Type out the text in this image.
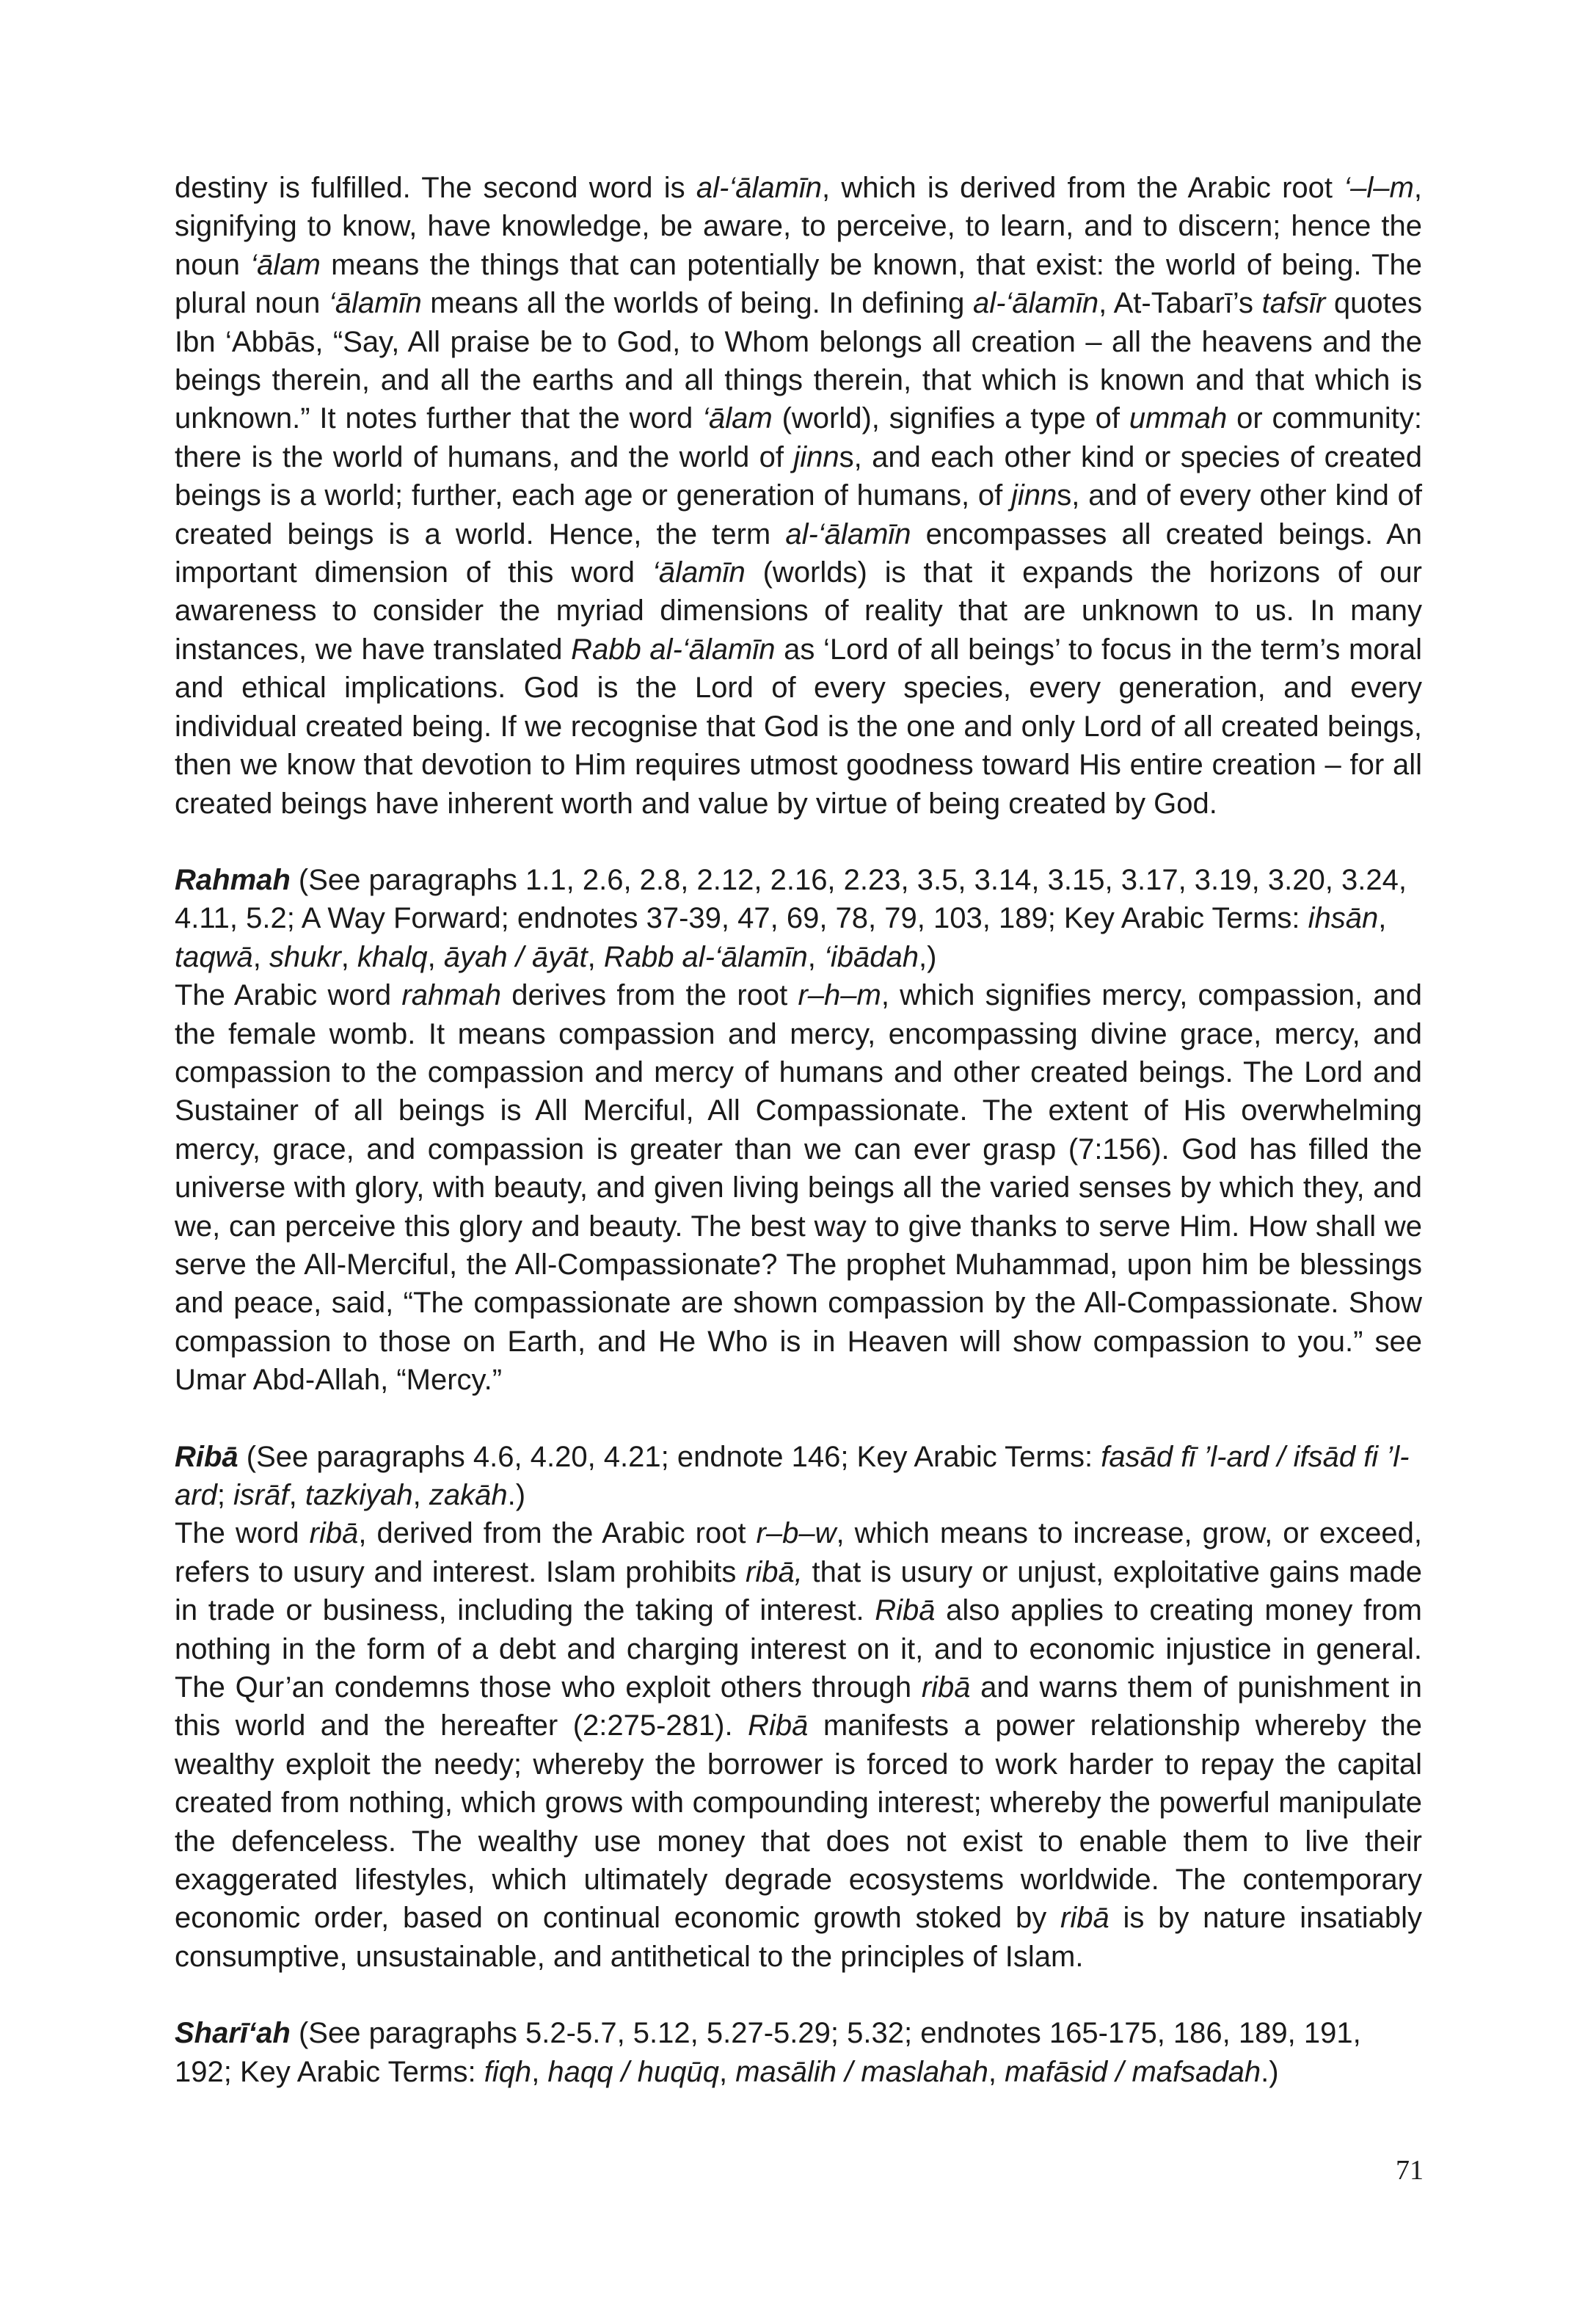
destiny is fulfilled. The second word is al-‘ālamīn, which is derived from the Arabic root ‘–l–m, signifying to know, have knowledge, be aware, to perceive, to learn, and to discern; hence the noun ‘ālam means the things that can potentially be known, that exist: the world of being. The plural noun ‘ālamīn means all the worlds of being. In defining al-‘ālamīn, At-Tabarī’s tafsīr quotes Ibn ‘Abbās, “Say, All praise be to God, to Whom belongs all creation – all the heavens and the beings therein, and all the earths and all things therein, that which is known and that which is unknown.” It notes further that the word ‘ālam (world), signifies a type of ummah or community: there is the world of humans, and the world of jinns, and each other kind or species of created beings is a world; further, each age or generation of humans, of jinns, and of every other kind of created beings is a world. Hence, the term al-‘ālamīn encompasses all created beings. An important dimension of this word ‘ālamīn (worlds) is that it expands the horizons of our awareness to consider the myriad dimensions of reality that are unknown to us. In many instances, we have translated Rabb al-‘ālamīn as ‘Lord of all beings’ to focus in the term’s moral and ethical implications. God is the Lord of every species, every generation, and every individual created being. If we recognise that God is the one and only Lord of all created beings, then we know that devotion to Him requires utmost goodness toward His entire creation – for all created beings have inherent worth and value by virtue of being created by God.

Rahmah (See paragraphs 1.1, 2.6, 2.8, 2.12, 2.16, 2.23, 3.5, 3.14, 3.15, 3.17, 3.19, 3.20, 3.24, 4.11, 5.2; A Way Forward; endnotes 37-39, 47, 69, 78, 79, 103, 189; Key Arabic Terms: ihsān, taqwā, shukr, khalq, āyah / āyāt, Rabb al-‘ālamīn, ‘ibādah,)

The Arabic word rahmah derives from the root r–h–m, which signifies mercy, compassion, and the female womb. It means compassion and mercy, encompassing divine grace, mercy, and compassion to the compassion and mercy of humans and other created beings. The Lord and Sustainer of all beings is All Merciful, All Compassionate. The extent of His overwhelming mercy, grace, and compassion is greater than we can ever grasp (7:156). God has filled the universe with glory, with beauty, and given living beings all the varied senses by which they, and we, can perceive this glory and beauty. The best way to give thanks to serve Him. How shall we serve the All-Merciful, the All-Compassionate? The prophet Muhammad, upon him be blessings and peace, said, “The compassionate are shown compassion by the All-Compassionate. Show compassion to those on Earth, and He Who is in Heaven will show compassion to you.” see Umar Abd-Allah, “Mercy.”

Ribā (See paragraphs 4.6, 4.20, 4.21; endnote 146; Key Arabic Terms: fasād fī ’l-ard / ifsād fi ’l-ard; isrāf, tazkiyah, zakāh.)

The word ribā, derived from the Arabic root r–b–w, which means to increase, grow, or exceed, refers to usury and interest. Islam prohibits ribā, that is usury or unjust, exploitative gains made in trade or business, including the taking of interest. Ribā also applies to creating money from nothing in the form of a debt and charging interest on it, and to economic injustice in general. The Qur’an condemns those who exploit others through ribā and warns them of punishment in this world and the hereafter (2:275-281). Ribā manifests a power relationship whereby the wealthy exploit the needy; whereby the borrower is forced to work harder to repay the capital created from nothing, which grows with compounding interest; whereby the powerful manipulate the defenceless. The wealthy use money that does not exist to enable them to live their exaggerated lifestyles, which ultimately degrade ecosystems worldwide. The contemporary economic order, based on continual economic growth stoked by ribā is by nature insatiably consumptive, unsustainable, and antithetical to the principles of Islam.

Sharī‘ah (See paragraphs 5.2-5.7, 5.12, 5.27-5.29; 5.32; endnotes 165-175, 186, 189, 191, 192; Key Arabic Terms: fiqh, haqq / huqūq, masālih / maslahah, mafāsid / mafsadah.)

71
